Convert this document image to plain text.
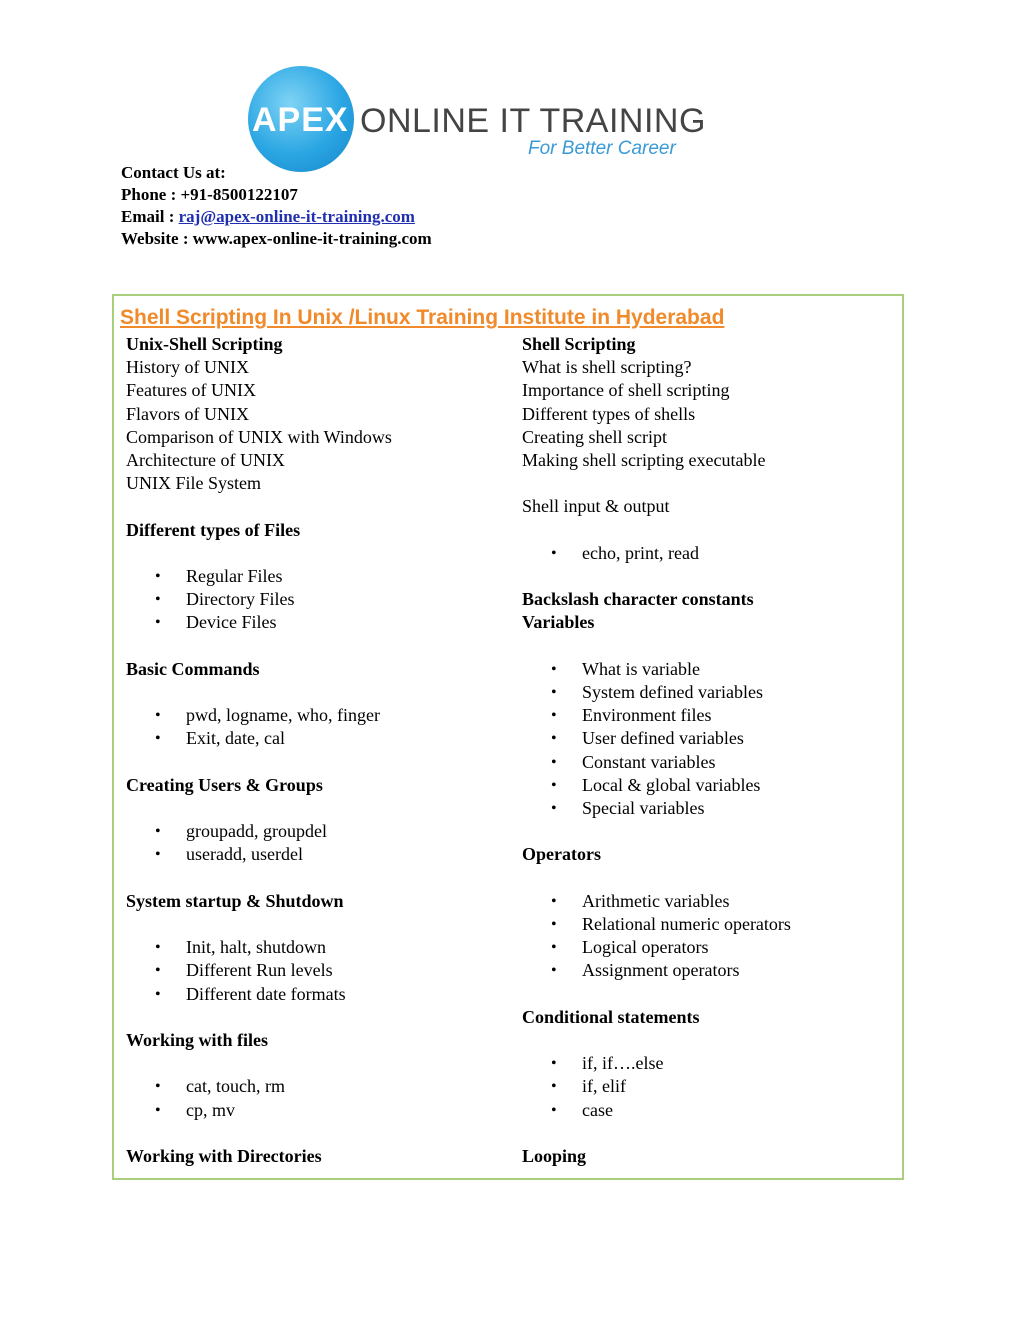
APEX ONLINE IT TRAINING
For Better Career
Contact Us at:
Phone : +91-8500122107
Email : raj@apex-online-it-training.com
Website : www.apex-online-it-training.com
Shell Scripting In Unix /Linux Training Institute in Hyderabad
Unix-Shell Scripting
History of UNIX
Features of UNIX
Flavors of UNIX
Comparison of UNIX with Windows
Architecture of UNIX
UNIX File System
Different types of Files
• Regular Files
• Directory Files
• Device Files
Basic Commands
• pwd, logname, who, finger
• Exit, date, cal
Creating Users & Groups
• groupadd, groupdel
• useradd, userdel
System startup & Shutdown
• Init, halt, shutdown
• Different Run levels
• Different date formats
Working with files
• cat, touch, rm
• cp, mv
Working with Directories
Shell Scripting
What is shell scripting?
Importance of shell scripting
Different types of shells
Creating shell script
Making shell scripting executable
Shell input & output
• echo, print, read
Backslash character constants
Variables
• What is variable
• System defined variables
• Environment files
• User defined variables
• Constant variables
• Local & global variables
• Special variables
Operators
• Arithmetic variables
• Relational numeric operators
• Logical operators
• Assignment operators
Conditional statements
• if, if….else
• if, elif
• case
Looping
